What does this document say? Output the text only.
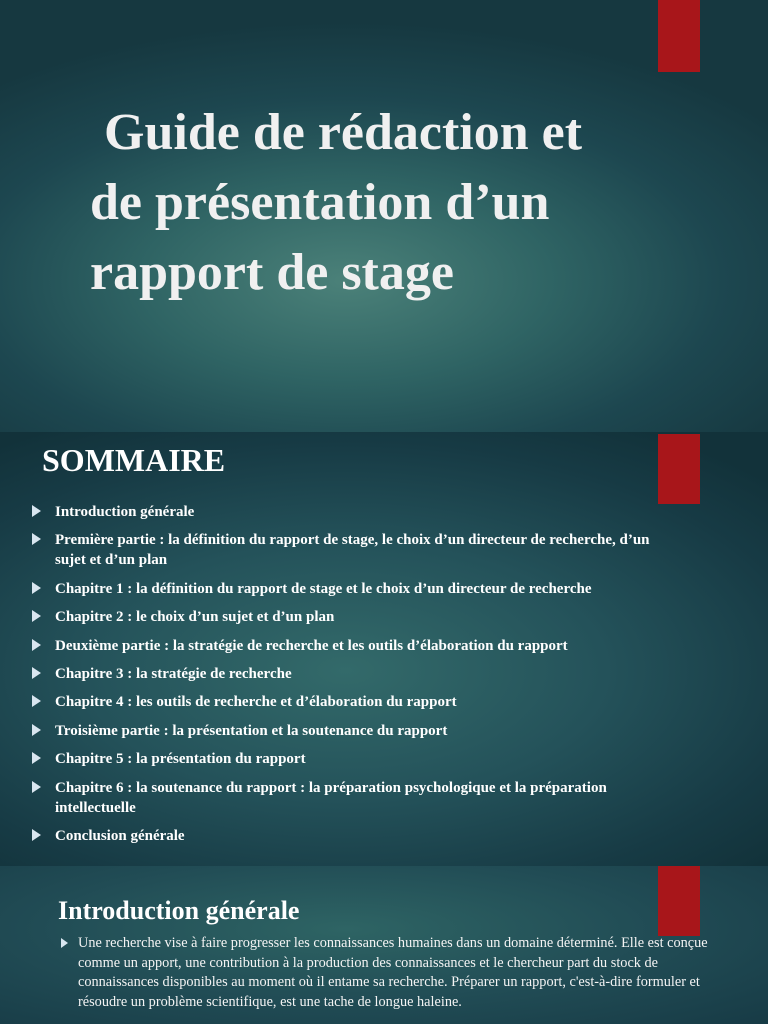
Guide de rédaction et
de présentation d’un
rapport de stage
SOMMAIRE
Introduction générale
Première partie : la définition du rapport de stage, le choix d’un directeur de recherche, d’un sujet et d’un plan
Chapitre 1 : la définition du rapport de stage et le choix d’un directeur de recherche
Chapitre 2 : le choix d’un sujet et d’un plan
Deuxième partie : la stratégie de recherche et les outils d’élaboration du rapport
Chapitre 3 : la stratégie de recherche
Chapitre 4 : les outils de recherche et d’élaboration du rapport
Troisième partie : la présentation et la soutenance du rapport
Chapitre 5 : la présentation du rapport
Chapitre 6 : la soutenance du rapport : la préparation psychologique et la préparation intellectuelle
Conclusion générale
Introduction générale

Une recherche vise à faire progresser les connaissances humaines dans un domaine déterminé. Elle est conçue comme un apport, une contribution à la production des connaissances et le chercheur part du stock de connaissances disponibles au moment où il entame sa recherche. Préparer un rapport, c'est-à-dire formuler et résoudre un problème scientifique, est une tache de longue haleine.
